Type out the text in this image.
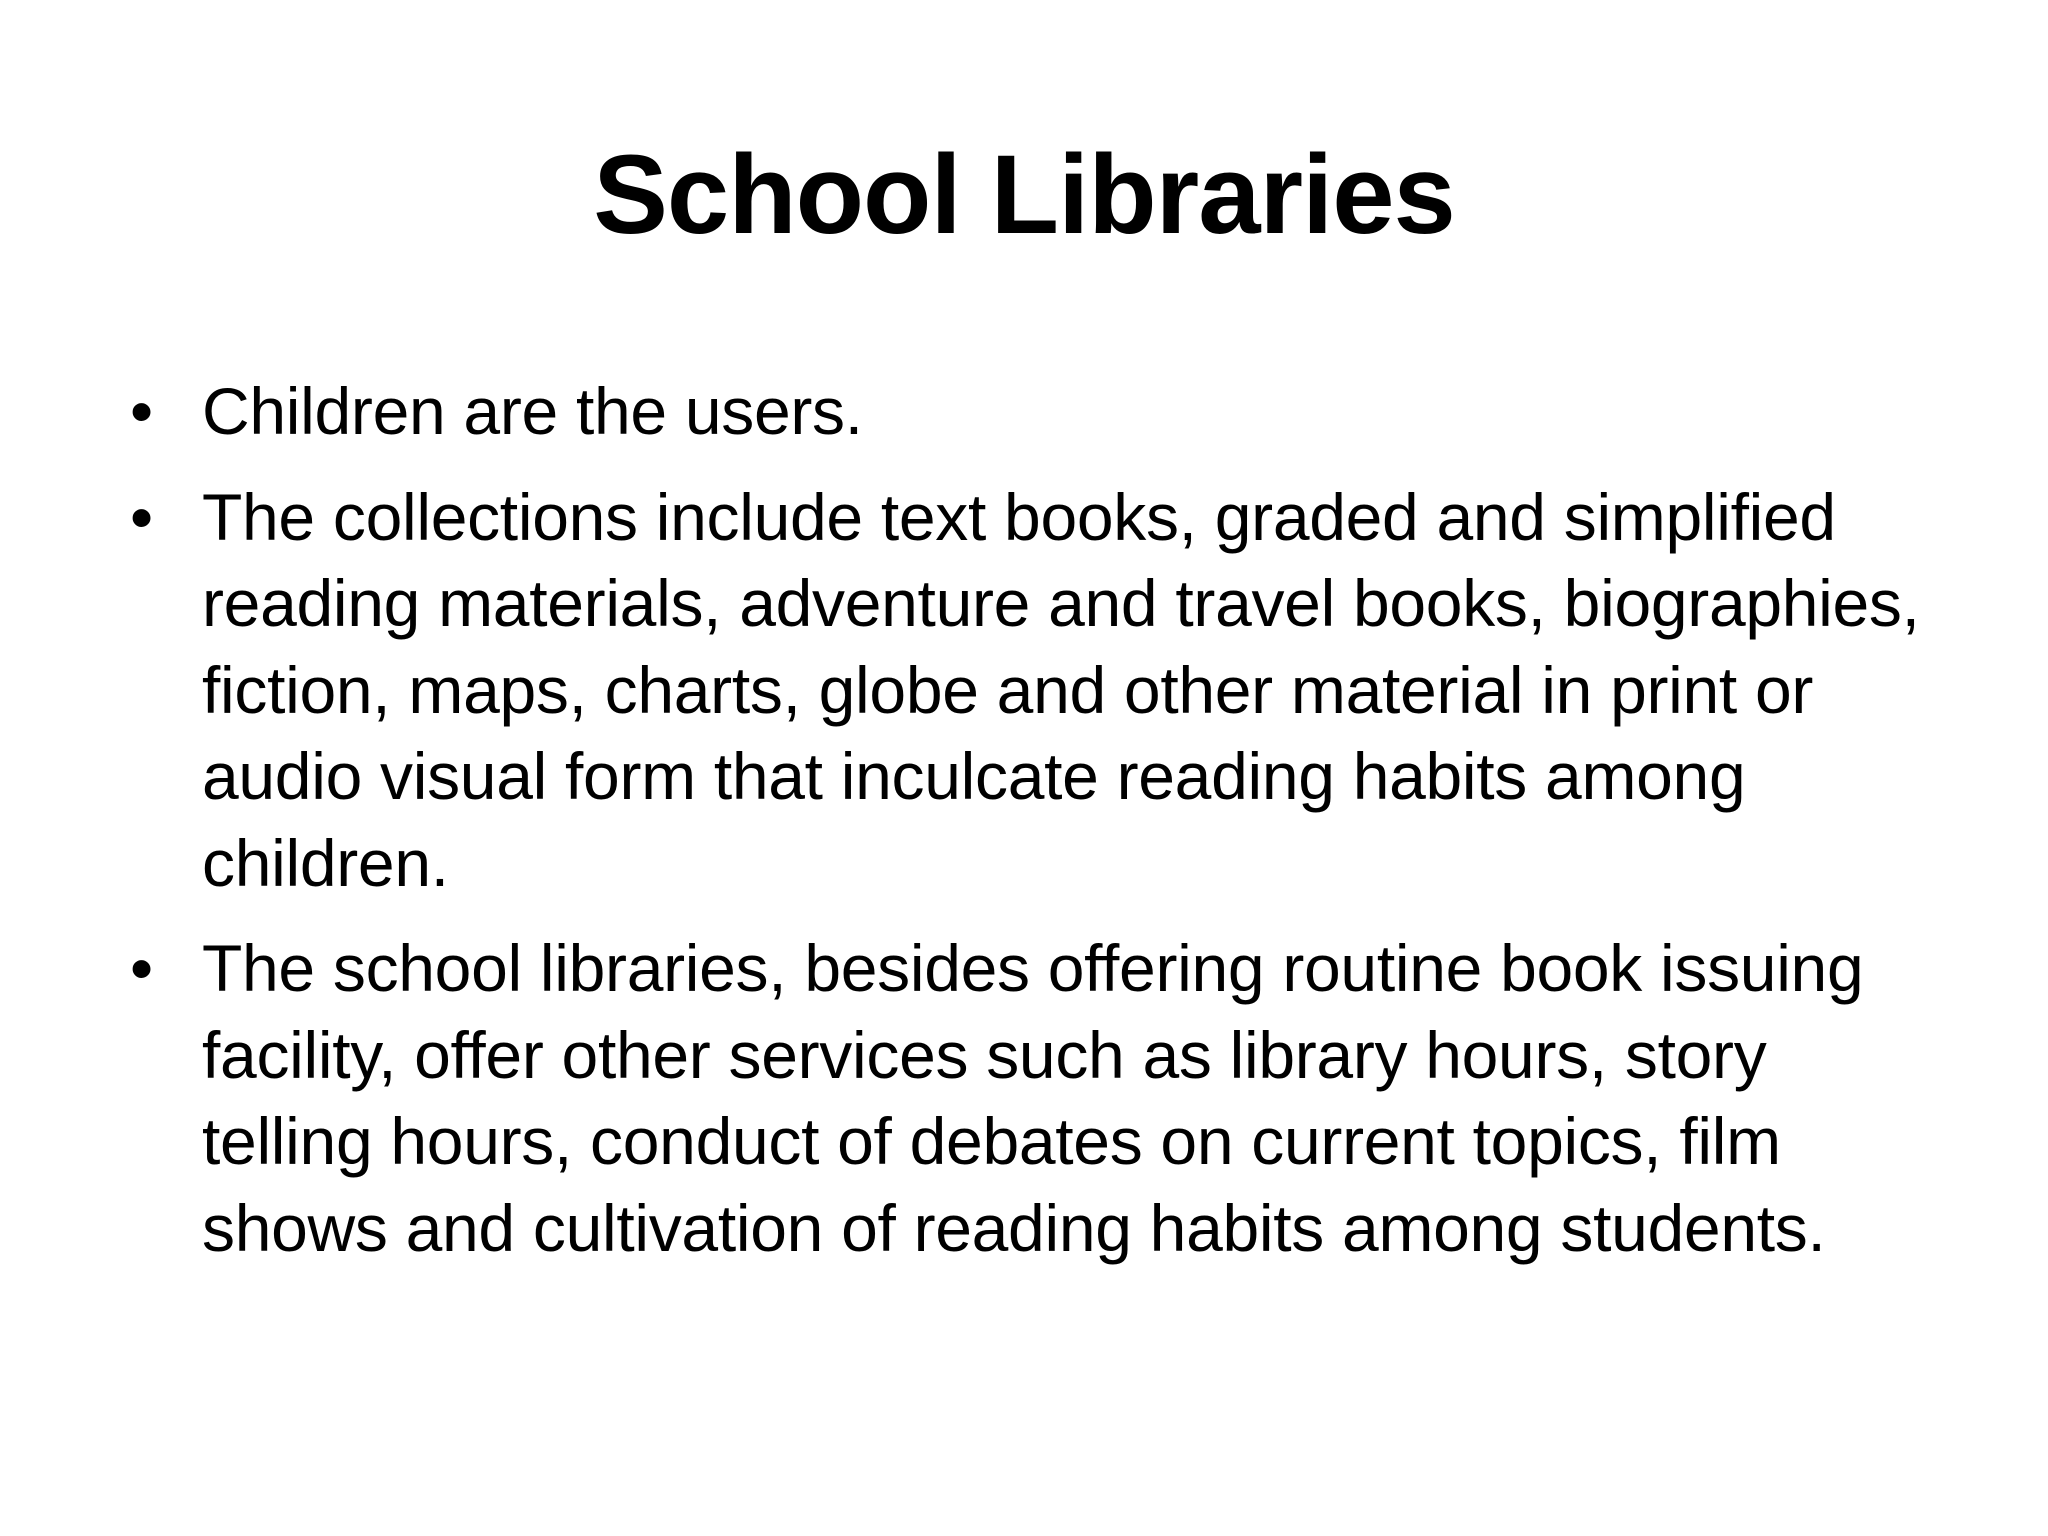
School Libraries
• Children are the users.
• The collections include text books, graded and simplified reading materials, adventure and travel books, biographies, fiction, maps, charts, globe and other material in print or audio visual form that inculcate reading habits among children.
• The school libraries, besides offering routine book issuing facility, offer other services such as library hours, story telling hours, conduct of debates on current topics, film shows and cultivation of reading habits among students.
